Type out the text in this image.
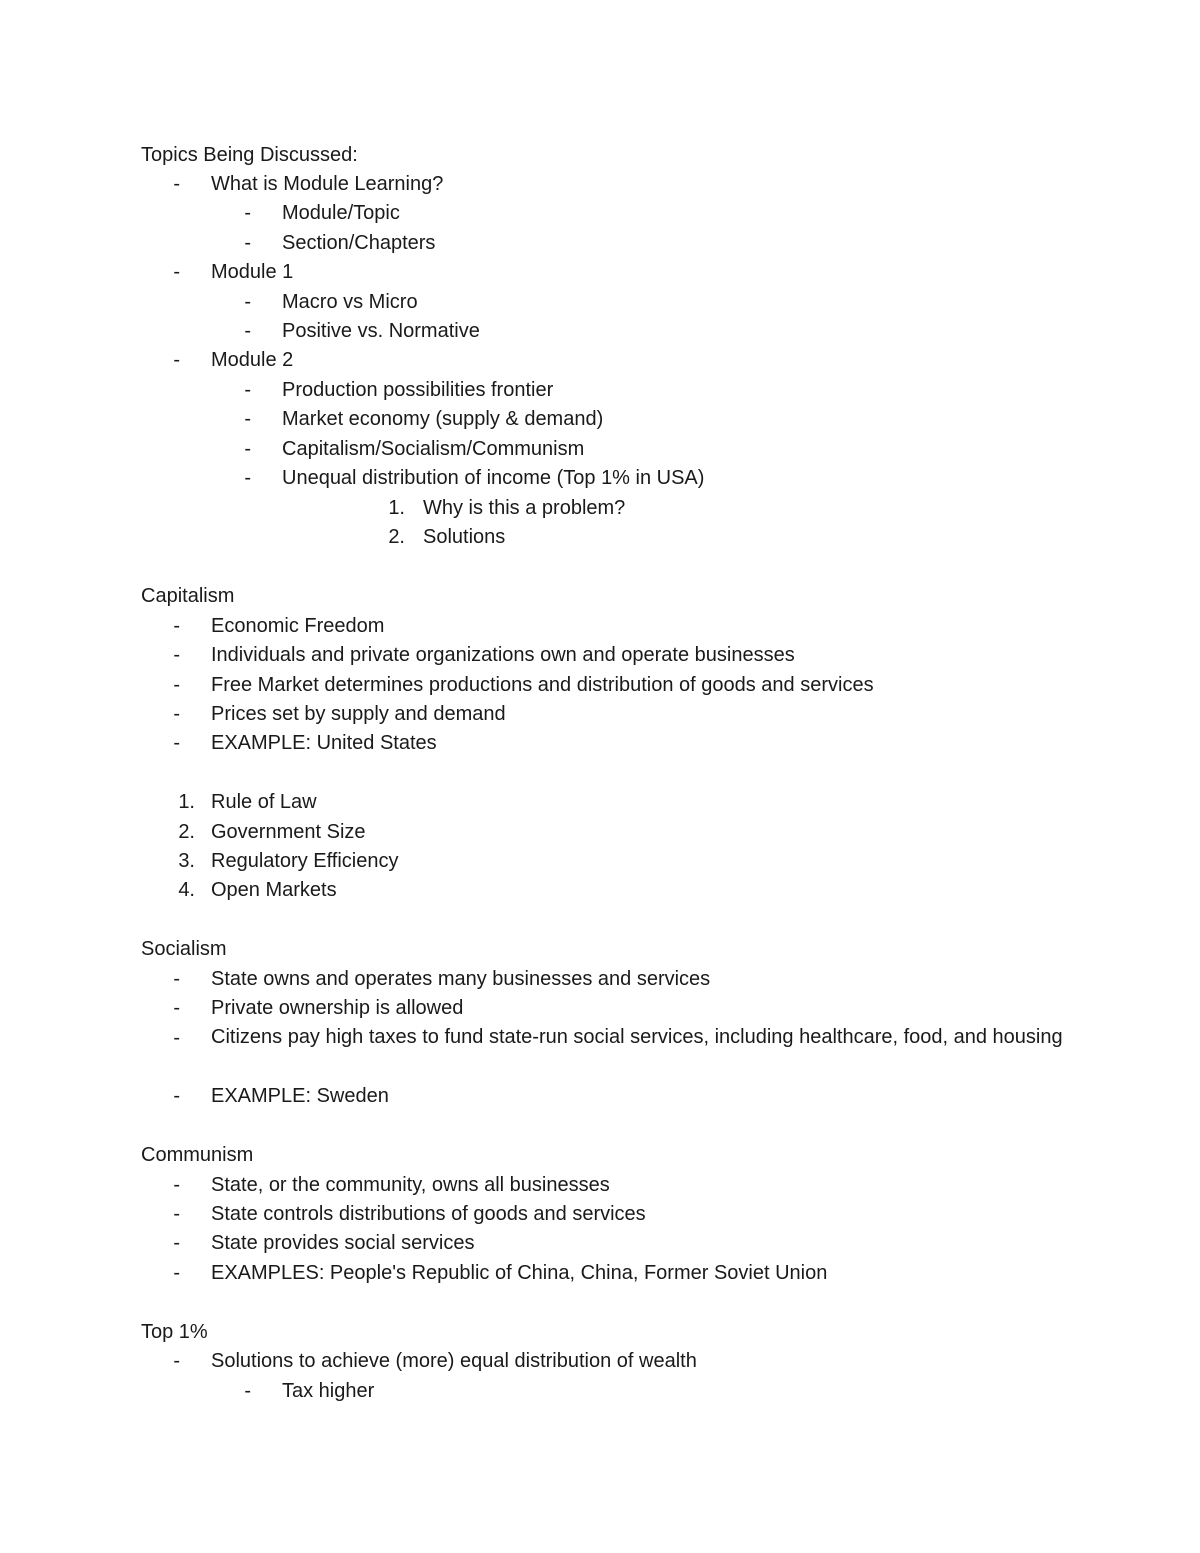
Topics Being Discussed:
- What is Module Learning?
- Module/Topic
- Section/Chapters
- Module 1
- Macro vs Micro
- Positive vs. Normative
- Module 2
- Production possibilities frontier
- Market economy (supply & demand)
- Capitalism/Socialism/Communism
- Unequal distribution of income (Top 1% in USA)
1. Why is this a problem?
2. Solutions
Capitalism
- Economic Freedom
- Individuals and private organizations own and operate businesses
- Free Market determines productions and distribution of goods and services
- Prices set by supply and demand
- EXAMPLE: United States
1. Rule of Law
2. Government Size
3. Regulatory Efficiency
4. Open Markets
Socialism
- State owns and operates many businesses and services
- Private ownership is allowed
- Citizens pay high taxes to fund state-run social services, including healthcare, food, and housing
- EXAMPLE: Sweden
Communism
- State, or the community, owns all businesses
- State controls distributions of goods and services
- State provides social services
- EXAMPLES: People's Republic of China, China, Former Soviet Union
Top 1%
- Solutions to achieve (more) equal distribution of wealth
- Tax higher
